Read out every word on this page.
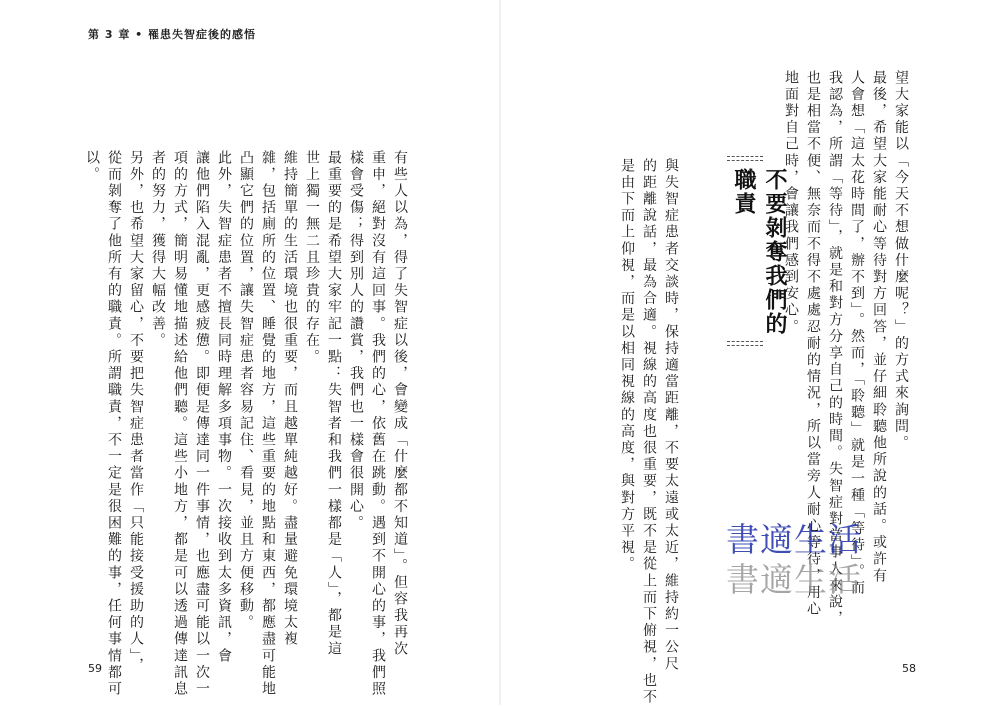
第 3 章 • 罹患失智症後的感悟
有些人以為，得了失智症以後，會變成「什麼都不知道」。但容我再次
重申，絕對沒有這回事。我們的心，依舊在跳動。遇到不開心的事，我們照
樣會受傷；得到別人的讚賞，我們也一樣會很開心。
最重要的是希望大家牢記一點：失智者和我們一樣都是「人」，都是這
世上獨一無二且珍貴的存在。
維持簡單的生活環境也很重要，而且越單純越好。盡量避免環境太複
雜，包括廁所的位置、睡覺的地方，這些重要的地點和東西，都應盡可能地
凸顯它們的位置，讓失智症患者容易記住、看見，並且方便移動。
此外，失智症患者不擅長同時理解多項事物。一次接收到太多資訊，會
讓他們陷入混亂，更感疲憊。即便是傳達同一件事情，也應盡可能以一次一
項的方式，簡明易懂地描述給他們聽。這些小地方，都是可以透過傳達訊息
者的努力，獲得大幅改善。
另外，也希望大家留心，不要把失智症患者當作「只能接受援助的人」，
從而剝奪了他所有的職責。所謂職責，不一定是很困難的事，任何事情都可
以。
59
望大家能以「今天不想做什麼呢？」的方式來詢問。
最後，希望大家能耐心等待對方回答，並仔細聆聽他所說的話。或許有
人會想「這太花時間了，辦不到」。然而，「聆聽」就是一種「等待」。而
我認為，所謂「等待」，就是和對方分享自己的時間。失智症對當事人來說，
也是相當不便、無奈而不得不處處忍耐的情況，所以當旁人耐心等待，用心
地面對自己時，會讓我們感到安心。
不要剝奪我們的職責
與失智症患者交談時，保持適當距離，不要太遠或太近，維持約一公尺
的距離說話，最為合適。視線的高度也很重要，既不是從上而下俯視，也不
是由下而上仰視，而是以相同視線的高度，與對方平視。	書適生活
書適生活
58
